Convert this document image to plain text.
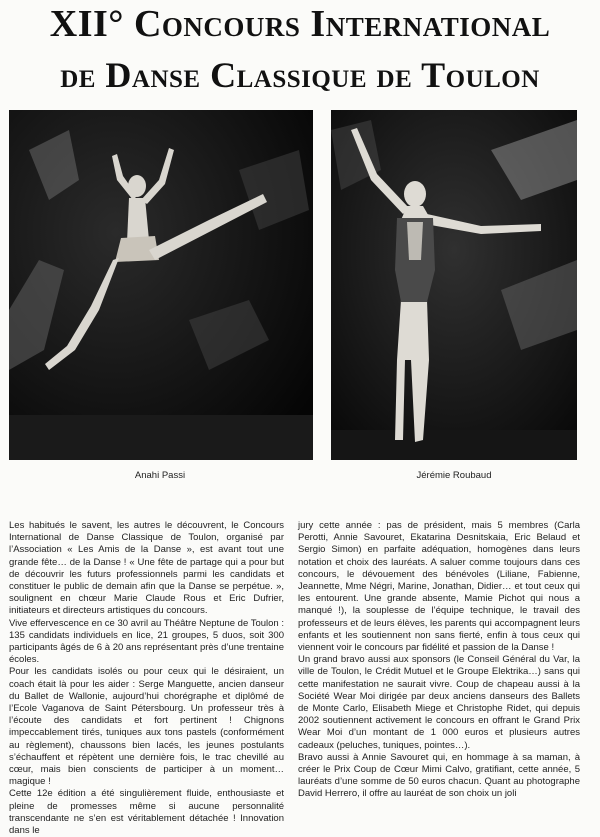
XII° Concours International
de Danse Classique de Toulon
Anahi Passi	Jérémie Roubaud

Les habitués le savent, les autres le découvrent, le Concours International de Danse Classique de Toulon, organisé par l’Association « Les Amis de la Danse », est avant tout une grande fête… de la Danse ! « Une fête de partage qui a pour but de découvrir les futurs professionnels parmi les candidats et constituer le public de demain afin que la Danse se perpétue. », soulignent en chœur Marie Claude Rous et Eric Dufrier, initiateurs et directeurs artistiques du concours.

Vive effervescence en ce 30 avril au Théâtre Neptune de Toulon : 135 candidats individuels en lice, 21 groupes, 5 duos, soit 300 participants âgés de 6 à 20 ans représentant près d’une trentaine écoles.

Pour les candidats isolés ou pour ceux qui le désiraient, un coach était là pour les aider : Serge Manguette, ancien danseur du Ballet de Wallonie, aujourd’hui chorégraphe et diplômé de l’Ecole Vaganova de Saint Pétersbourg. Un professeur très à l’écoute des candidats et fort pertinent ! Chignons impeccablement tirés, tuniques aux tons pastels (conformément au règlement), chaussons bien lacés, les jeunes postulants s’échauffent et répètent une dernière fois, le trac chevillé au cœur, mais bien conscients de participer à un moment… magique !

Cette 12e édition a été singulièrement fluide, enthousiaste et pleine de promesses même si aucune personnalité transcendante ne s’en est véritablement détachée ! Innovation dans le

jury cette année : pas de président, mais 5 membres (Carla Perotti, Annie Savouret, Ekatarina Desnitskaia, Eric Belaud et Sergio Simon) en parfaite adéquation, homogènes dans leurs notation et choix des lauréats. A saluer comme toujours dans ces concours, le dévouement des bénévoles (Liliane, Fabienne, Jeannette, Mme Négri, Marine, Jonathan, Didier… et tout ceux qui les entourent. Une grande absente, Mamie Pichot qui nous a manqué !), la souplesse de l’équipe technique, le travail des professeurs et de leurs élèves, les parents qui accompagnent leurs enfants et les soutiennent non sans fierté, enfin à tous ceux qui viennent voir le concours par fidélité et passion de la Danse !

Un grand bravo aussi aux sponsors (le Conseil Général du Var, la ville de Toulon, le Crédit Mutuel et le Groupe Elektrika…) sans qui cette manifestation ne saurait vivre. Coup de chapeau aussi à la Société Wear Moi dirigée par deux anciens danseurs des Ballets de Monte Carlo, Elisabeth Miege et Christophe Ridet, qui depuis 2002 soutiennent activement le concours en offrant le Grand Prix Wear Moi d’un montant de 1 000 euros et plusieurs autres cadeaux (peluches, tuniques, pointes…).

Bravo aussi à Annie Savouret qui, en hommage à sa maman, à créer le Prix Coup de Cœur Mimi Calvo, gratifiant, cette année, 5 lauréats d’une somme de 50 euros chacun. Quant au photographe David Herrero, il offre au lauréat de son choix un joli
